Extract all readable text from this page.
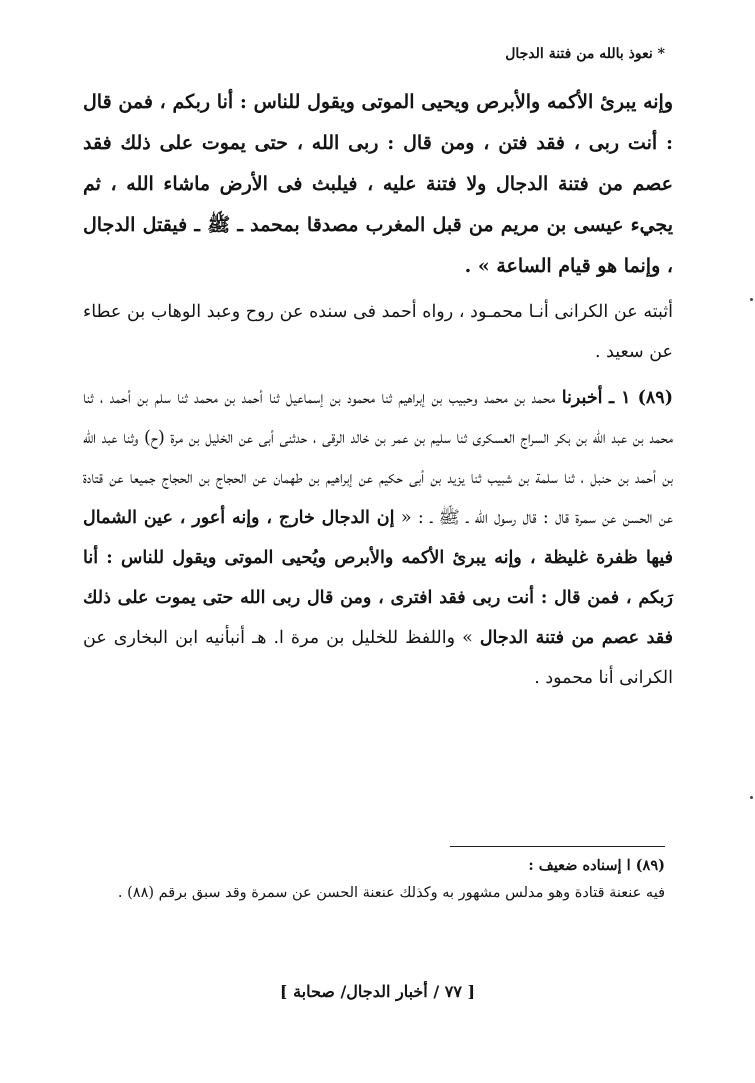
* نعوذ بالله من فتنة الدجال
وإنه يبرئ الأكمه والأبرص ويحيى الموتى ويقول للناس : أنا ربكم ، فمن قال : أنت ربى ، فقد فتن ، ومن قال : ربى الله ، حتى يموت على ذلك فقد عصم من فتنة الدجال ولا فتنة عليه ، فيلبث فى الأرض ماشاء الله ، ثم يجيء عيسى بن مريم من قبل المغرب مصدقا بمحمد ـ ﷺ ـ فيقتل الدجال ، وإنما هو قيام الساعة » .
أثبته عن الكرانى أنـا محمـود ، رواه أحمد فى سنده عن روح وعبد الوهاب بن عطاء عن سعيد .
(٨٩) ١ ـ أخبرنا محمد بن محمد وحبيب بن إبراهيم ثنا محمود بن إسماعيل ثنا أحمد بن محمد ثنا سلم بن أحمد ، ثنا محمد بن عبد الله بن بكر السراج العسكرى ثنا سليم بن عمر بن خالد الرقى ، حدثنى أبى عن الخليل بن مرة (ح) وثنا عبد الله بن أحمد بن حنبل ، ثنا سلمة بن شبيب ثنا يزيد بن أبى حكيم عن إبراهيم بن طهمان عن الحجاج بن الحجاج جميعا عن قتادة عن الحسن عن سمرة قال : قال رسول الله ـ ﷺ ـ : « إن الدجال خارج ، وإنه أعور ، عين الشمال فيها ظفرة غليظة ، وإنه يبرئ الأكمه والأبرص ويُحيى الموتى ويقول للناس : أنا رَبكم ، فمن قال : أنت ربى فقد افترى ، ومن قال ربى الله حتى يموت على ذلك فقد عصم من فتنة الدجال » واللفظ للخليل بن مرة ا. هـ أنبأنيه ابن البخارى عن الكرانى أنا محمود .
(٨٩) ا إسناده ضعيف :
فيه عنعنة قتادة وهو مدلس مشهور به وكذلك عنعنة الحسن عن سمرة وقد سبق برقم (٨٨) .
[ ٧٧ / أخبار الدجال/ صحابة ]
